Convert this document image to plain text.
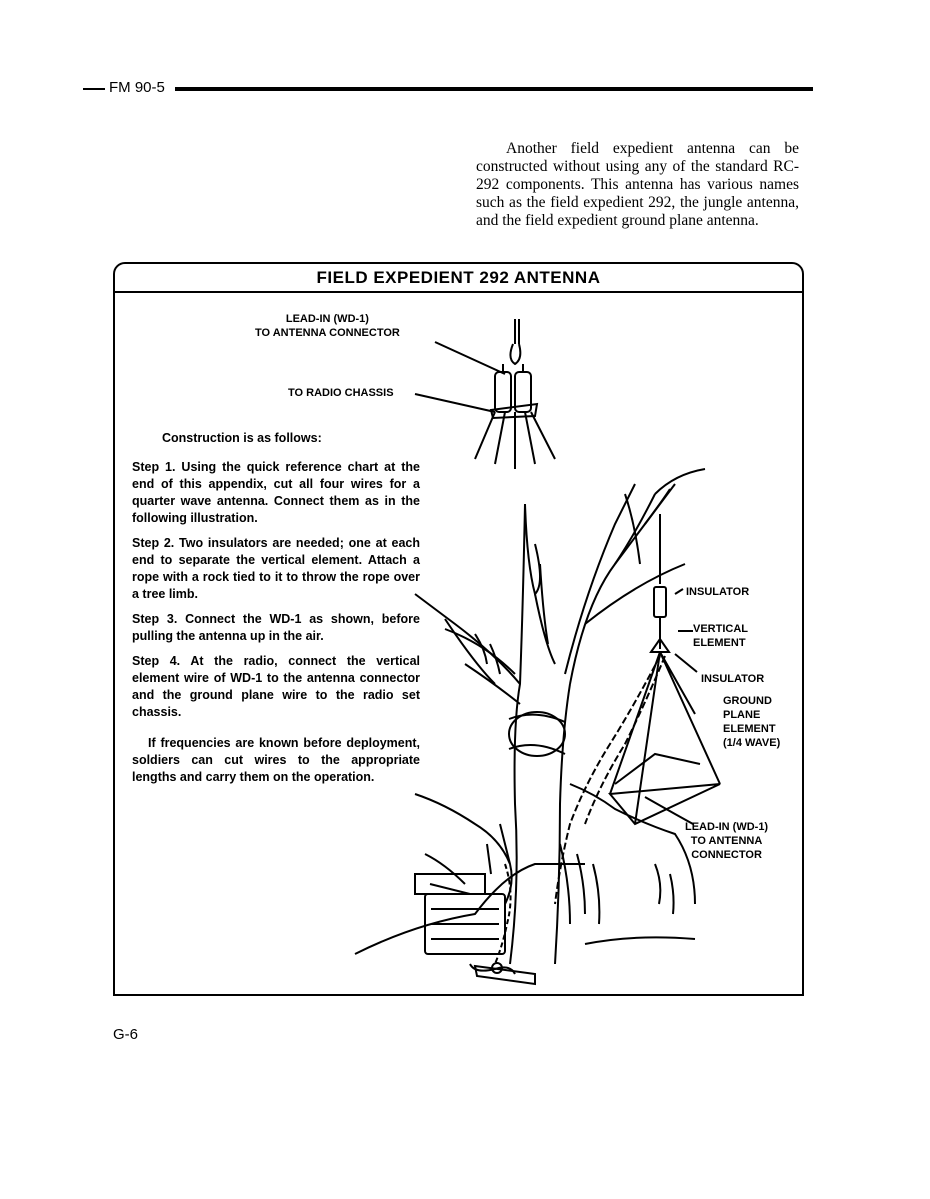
FM 90-5

Another field expedient antenna can be constructed without using any of the standard RC-292 components. This antenna has various names such as the field expedient 292, the jungle antenna, and the field expedient ground plane antenna.

FIELD EXPEDIENT 292 ANTENNA
LEAD-IN (WD-1)
TO ANTENNA CONNECTOR
TO RADIO CHASSIS
INSULATOR
VERTICAL
ELEMENT
INSULATOR
GROUND
PLANE
ELEMENT
(1/4 WAVE)
LEAD-IN (WD-1)
TO ANTENNA
CONNECTOR

Construction is as follows:

Step 1. Using the quick reference chart at the end of this appendix, cut all four wires for a quarter wave antenna. Connect them as in the following illustration.

Step 2. Two insulators are needed; one at each end to separate the vertical element. Attach a rope with a rock tied to it to throw the rope over a tree limb.

Step 3. Connect the WD-1 as shown, before pulling the antenna up in the air.

Step 4. At the radio, connect the vertical element wire of WD-1 to the antenna connector and the ground plane wire to the radio set chassis.

If frequencies are known before deployment, soldiers can cut wires to the appropriate lengths and carry them on the operation.

G-6
